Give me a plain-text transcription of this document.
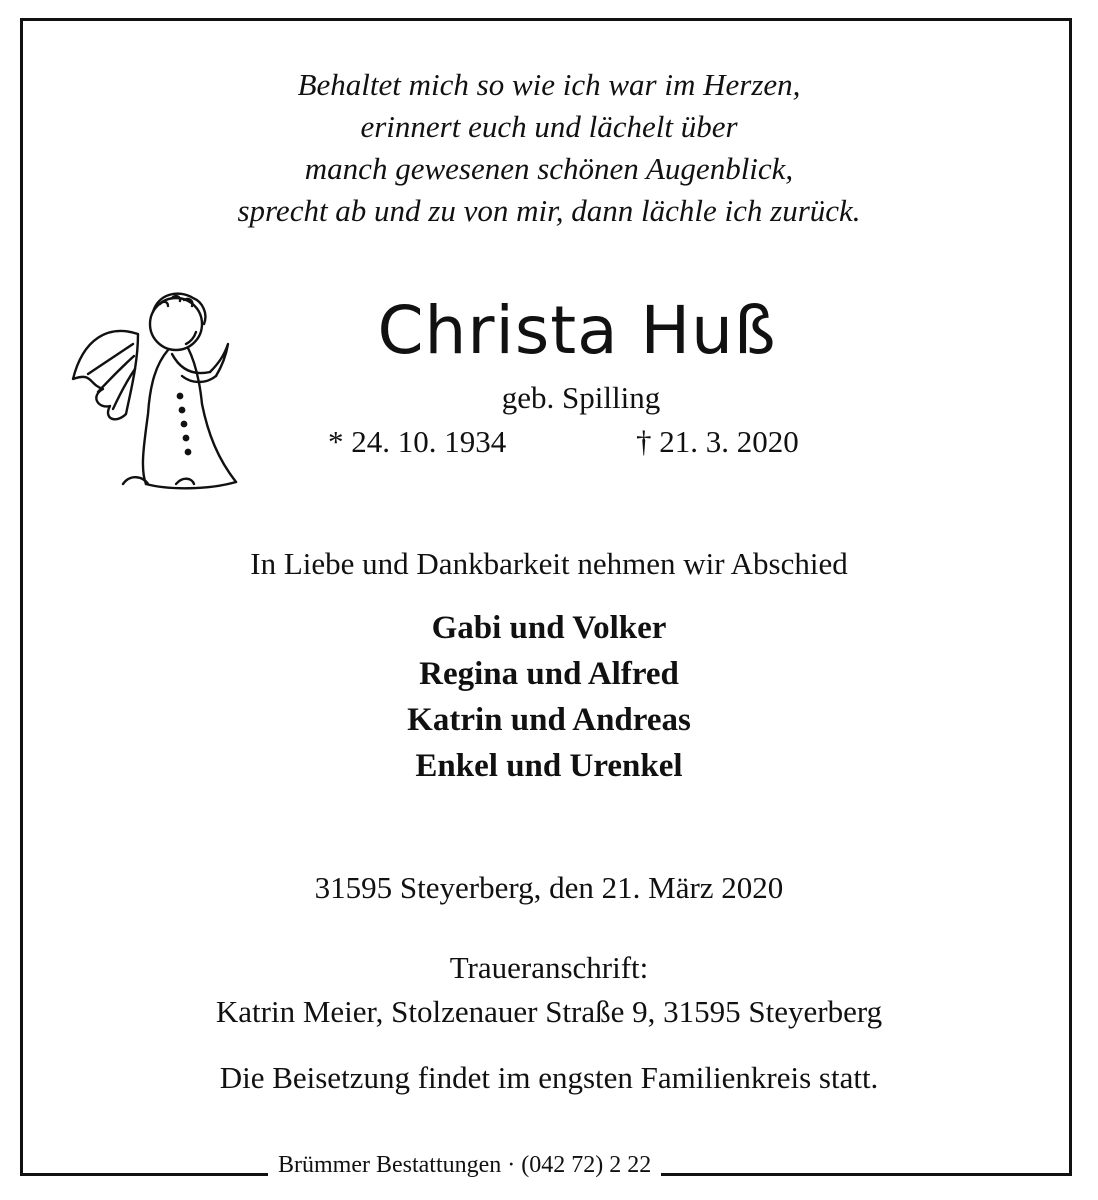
Behaltet mich so wie ich war im Herzen,
erinnert euch und lächelt über
manch gewesenen schönen Augenblick,
sprecht ab und zu von mir, dann lächle ich zurück.
Christa Huß
geb. Spilling
* 24. 10. 1934	† 21. 3. 2020
In Liebe und Dankbarkeit nehmen wir Abschied
Gabi und Volker
Regina und Alfred
Katrin und Andreas
Enkel und Urenkel
31595 Steyerberg, den 21. März 2020
Traueranschrift:
Katrin Meier, Stolzenauer Straße 9, 31595 Steyerberg
Die Beisetzung findet im engsten Familienkreis statt.
Brümmer Bestattungen · (042 72) 2 22
